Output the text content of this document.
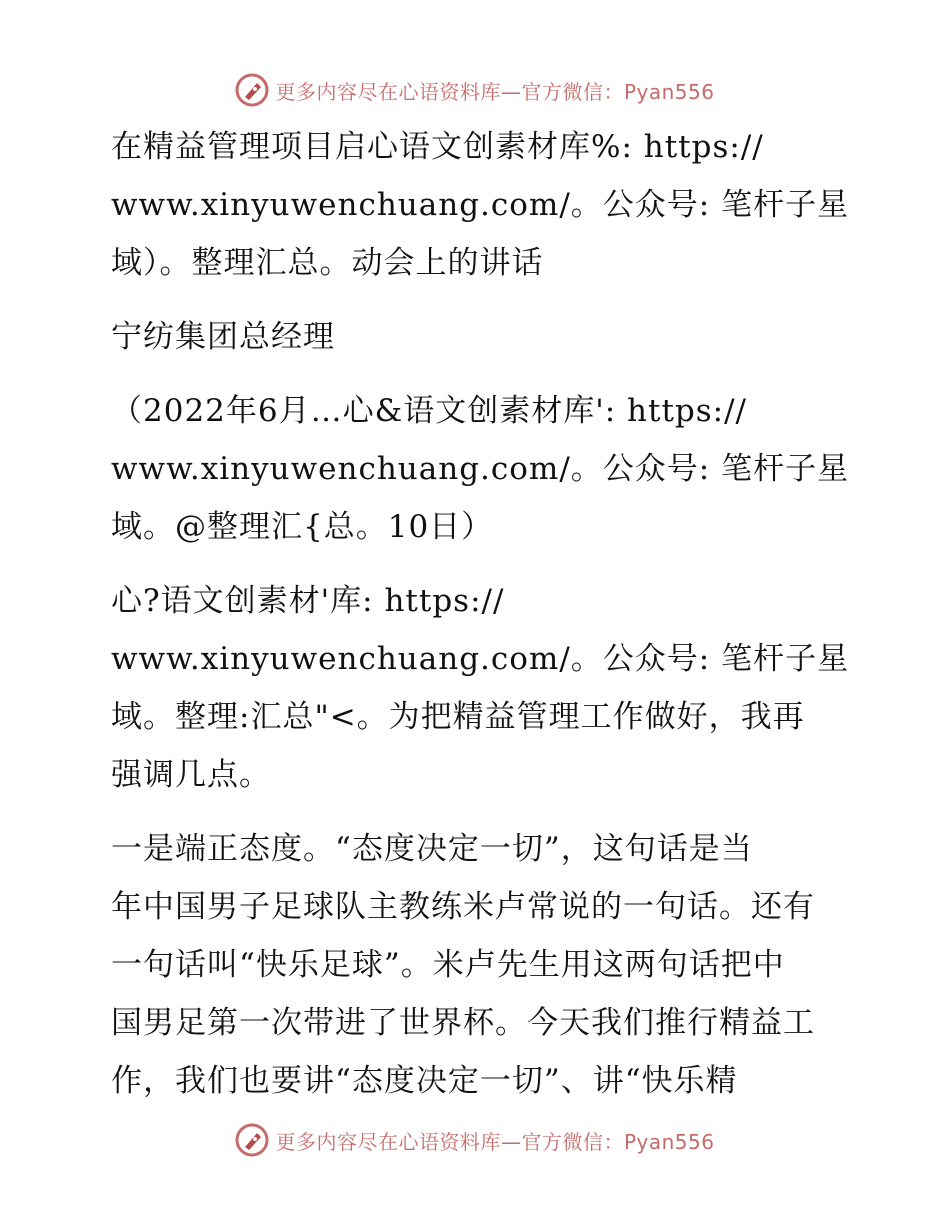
更多内容尽在心语资料库—官方微信：Pyan556

在精益管理项目启心语文创素材库%: https://
www.xinyuwenchuang.com/。公众号: 笔杆子星
域）。整理汇总。动会上的讲话

宁纺集团总经理

（2022年6月…心&语文创素材库': https://
www.xinyuwenchuang.com/。公众号: 笔杆子星
域。@整理汇{总。10日）

心?语文创素材'库: https://
www.xinyuwenchuang.com/。公众号: 笔杆子星
域。整理:汇总"<。为把精益管理工作做好，我再
强调几点。

一是端正态度。“态度决定一切”，这句话是当
年中国男子足球队主教练米卢常说的一句话。还有
一句话叫“快乐足球”。米卢先生用这两句话把中
国男足第一次带进了世界杯。今天我们推行精益工
作，我们也要讲“态度决定一切”、讲“快乐精

更多内容尽在心语资料库—官方微信：Pyan556
